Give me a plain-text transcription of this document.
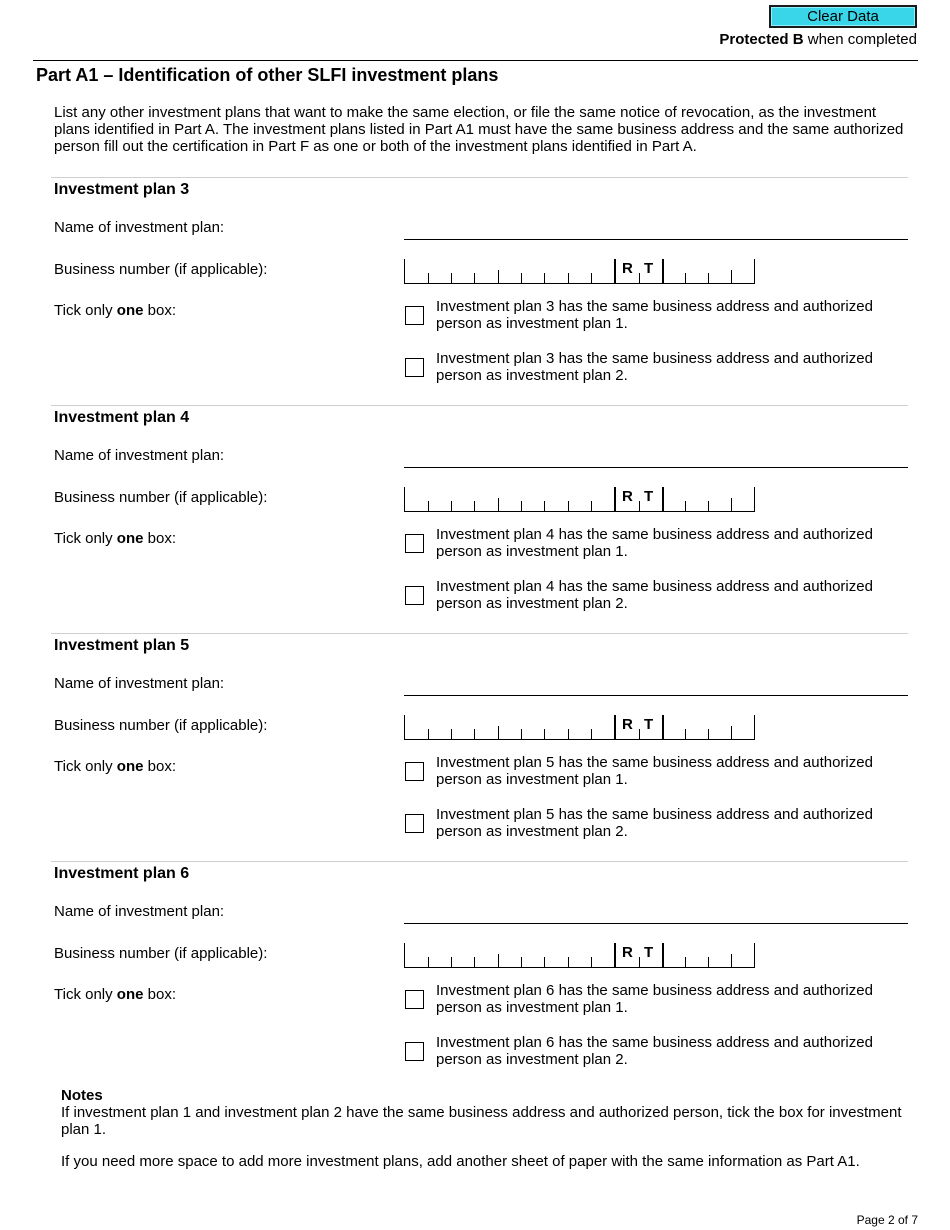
Clear Data
Protected B when completed
Part A1 – Identification of other SLFI investment plans

List any other investment plans that want to make the same election, or file the same notice of revocation, as the investment plans identified in Part A. The investment plans listed in Part A1 must have the same business address and the same authorized person fill out the certification in Part F as one or both of the investment plans identified in Part A.

Investment plan 3
Name of investment plan:
Business number (if applicable):	R T
Tick only one box:	Investment plan 3 has the same business address and authorized person as investment plan 1.
Investment plan 3 has the same business address and authorized person as investment plan 2.
Investment plan 4
Name of investment plan:
Business number (if applicable):	R T
Tick only one box:	Investment plan 4 has the same business address and authorized person as investment plan 1.
Investment plan 4 has the same business address and authorized person as investment plan 2.
Investment plan 5
Name of investment plan:
Business number (if applicable):	R T
Tick only one box:	Investment plan 5 has the same business address and authorized person as investment plan 1.
Investment plan 5 has the same business address and authorized person as investment plan 2.
Investment plan 6
Name of investment plan:
Business number (if applicable):	R T
Tick only one box:	Investment plan 6 has the same business address and authorized person as investment plan 1.
Investment plan 6 has the same business address and authorized person as investment plan 2.
Notes

If investment plan 1 and investment plan 2 have the same business address and authorized person, tick the box for investment plan 1.

If you need more space to add more investment plans, add another sheet of paper with the same information as Part A1.

Page 2 of 7
